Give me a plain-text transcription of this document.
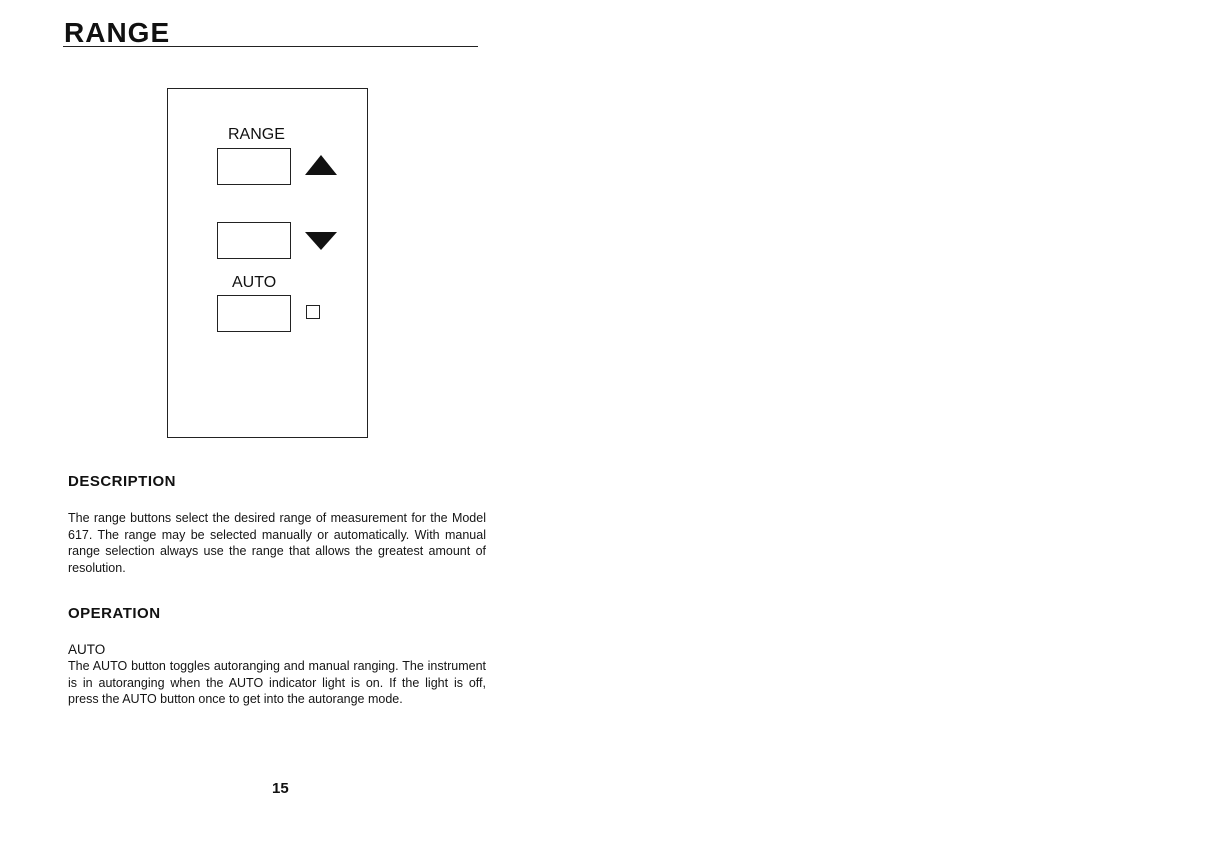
RANGE
RANGE
AUTO
DESCRIPTION
The range buttons select the desired range of measurement for the Model 617. The range may be selected manually or automatically. With manual range selection always use the range that allows the greatest amount of resolution.
OPERATION
AUTO
The AUTO button toggles autoranging and manual ranging. The instrument is in autoranging when the AUTO indicator light is on. If the light is off, press the AUTO button once to get into the autorange mode.
15
